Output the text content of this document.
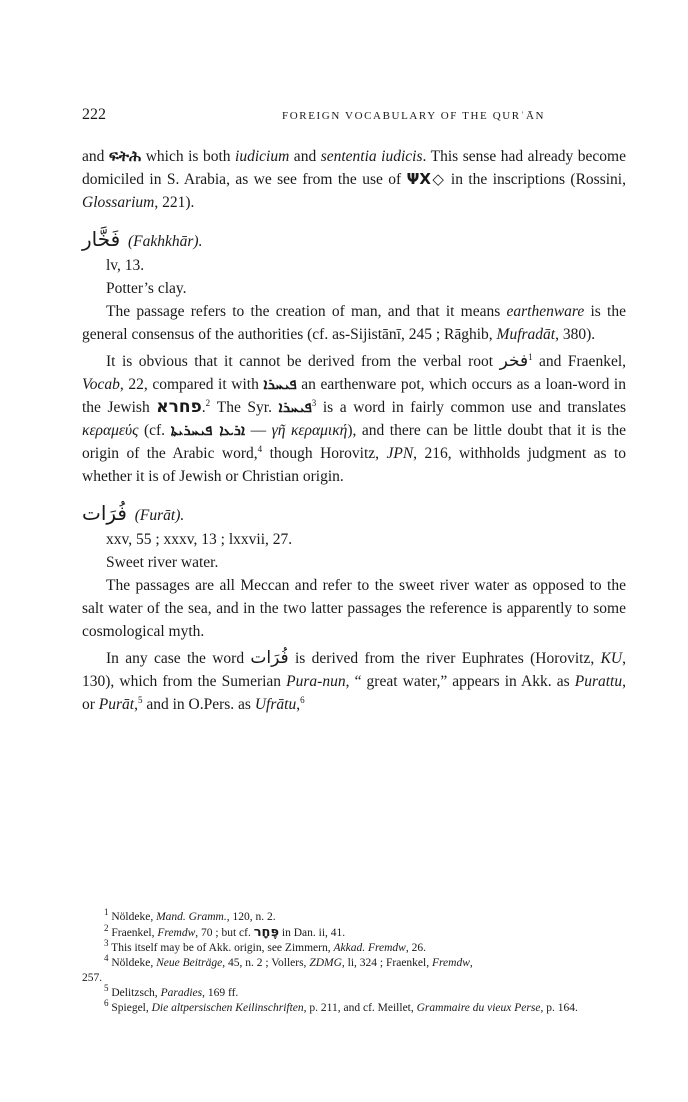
222	FOREIGN VOCABULARY OF THE QURʾĀN

and ፍትሕ which is both iudicium and sententia iudicis. This sense had already become domiciled in S. Arabia, as we see from the use of ΨX◇ in the inscriptions (Rossini, Glossarium, 221).

فَخَّار (Fakhkhār).

lv, 13.

Potter’s clay.

The passage refers to the creation of man, and that it means earthenware is the general consensus of the authorities (cf. as-Sijistānī, 245 ; Rāghib, Mufradāt, 380).

It is obvious that it cannot be derived from the verbal root فخر$^1$ and Fraenkel, Vocab, 22, compared it with ܦܝܚܪܐ an earthenware pot, which occurs as a loan-word in the Jewish פחרא.$^2$ The Syr. ܦܝܚܪܐ$^3$ is a word in fairly common use and translates κεραμεύς (cf. ܐܪܥܐ ܦܝܚܪܝܬܐ — γῆ κεραμική), and there can be little doubt that it is the origin of the Arabic word,$^4$ though Horovitz, JPN, 216, withholds judgment as to whether it is of Jewish or Christian origin.

فُرَات (Furāt).

xxv, 55 ; xxxv, 13 ; lxxvii, 27.

Sweet river water.

The passages are all Meccan and refer to the sweet river water as opposed to the salt water of the sea, and in the two latter passages the reference is apparently to some cosmological myth.

In any case the word فُرَات is derived from the river Euphrates (Horovitz, KU, 130), which from the Sumerian Pura-nun, “ great water,” appears in Akk. as Purattu, or Purāt,$^5$ and in O.Pers. as Ufrātu,$^6$

$^1$ Nöldeke, Mand. Gramm., 120, n. 2.

$^2$ Fraenkel, Fremdw, 70 ; but cf. פֶּחָר in Dan. ii, 41.

$^3$ This itself may be of Akk. origin, see Zimmern, Akkad. Fremdw, 26.

$^4$ Nöldeke, Neue Beiträge, 45, n. 2 ; Vollers, ZDMG, li, 324 ; Fraenkel, Fremdw,

257.

$^5$ Delitzsch, Paradies, 169 ff.

$^6$ Spiegel, Die altpersischen Keilinschriften, p. 211, and cf. Meillet, Grammaire du vieux Perse, p. 164.
